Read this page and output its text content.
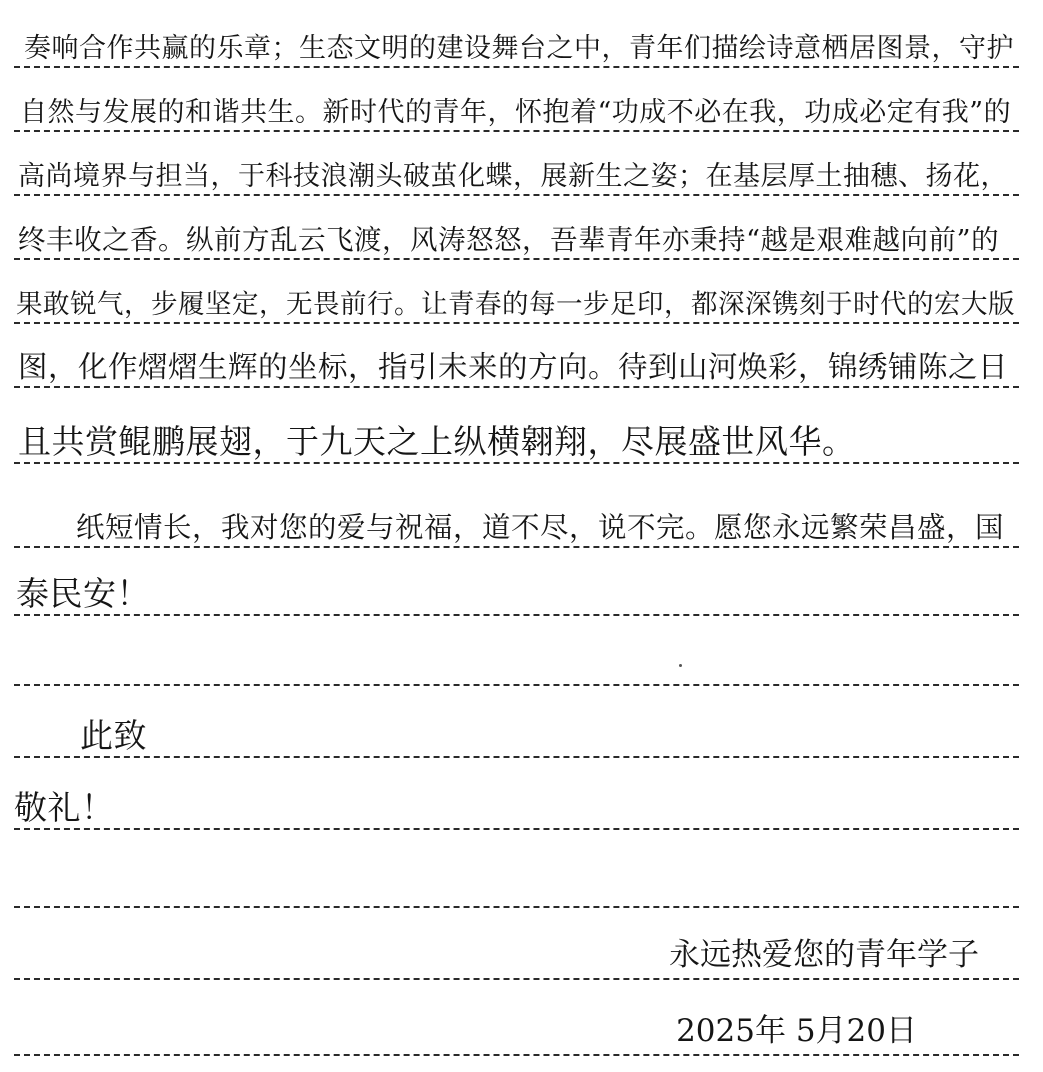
奏响合作共赢的乐章；生态文明的建设舞台之中，青年们描绘诗意栖居图景，守护
自然与发展的和谐共生。新时代的青年，怀抱着“功成不必在我，功成必定有我”的
高尚境界与担当，于科技浪潮头破茧化蝶，展新生之姿；在基层厚土抽穗、扬花，
终丰收之香。纵前方乱云飞渡，风涛怒怒，吾辈青年亦秉持“越是艰难越向前”的
果敢锐气，步履坚定，无畏前行。让青春的每一步足印，都深深镌刻于时代的宏大版
图，化作熠熠生辉的坐标，指引未来的方向。待到山河焕彩，锦绣铺陈之日
且共赏鲲鹏展翅，于九天之上纵横翱翔，尽展盛世风华。
纸短情长，我对您的爱与祝福，道不尽，说不完。愿您永远繁荣昌盛，国
泰民安！
此致
敬礼！
永远热爱您的青年学子
2025年 5月20日
